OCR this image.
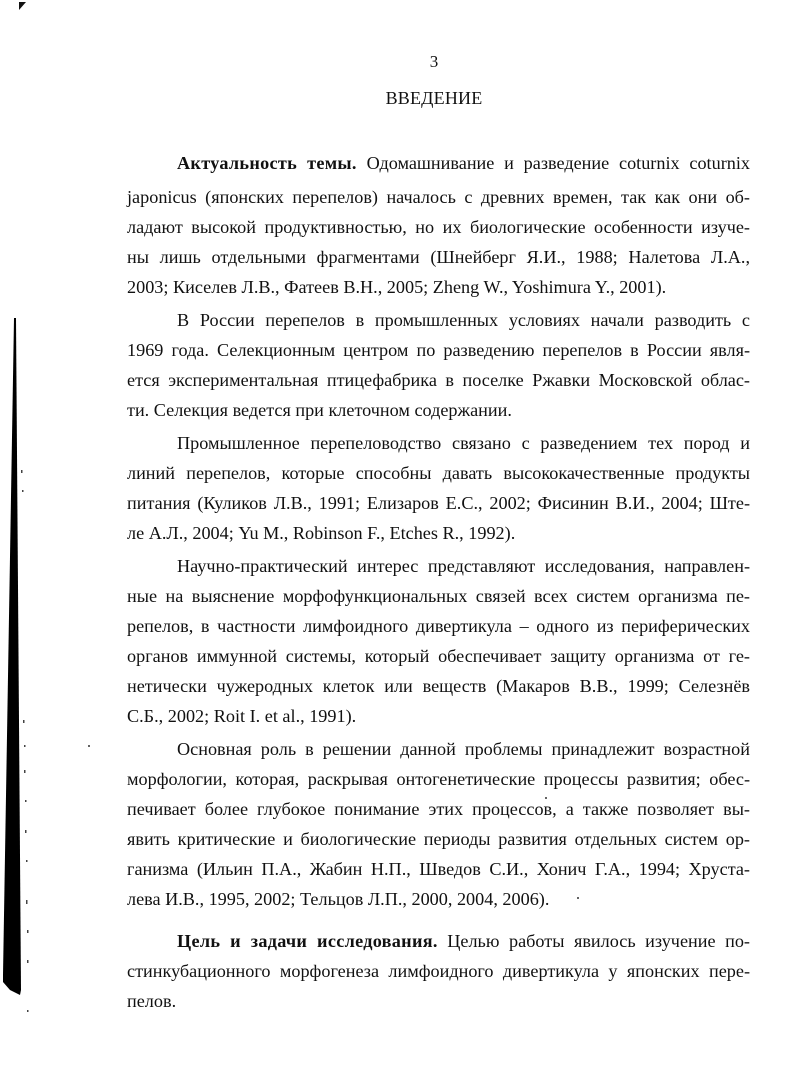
3
ВВЕДЕНИЕ
Актуальность темы. Одомашнивание и разведение coturnix coturnix
japonicus (японских перепелов) началось с древних времен, так как они об-
ладают высокой продуктивностью, но их биологические особенности изуче-
ны лишь отдельными фрагментами (Шнейберг Я.И., 1988; Налетова Л.А.,
2003; Киселев Л.В., Фатеев В.Н., 2005; Zheng W., Yoshimura Y., 2001).
В России перепелов в промышленных условиях начали разводить с
1969 года. Селекционным центром по разведению перепелов в России явля-
ется экспериментальная птицефабрика в поселке Ржавки Московской облас-
ти. Селекция ведется при клеточном содержании.
Промышленное перепеловодство связано с разведением тех пород и
линий перепелов, которые способны давать высококачественные продукты
питания (Куликов Л.В., 1991; Елизаров Е.С., 2002; Фисинин В.И., 2004; Ште-
ле А.Л., 2004; Yu M., Robinson F., Etches R., 1992).
Научно-практический интерес представляют исследования, направлен-
ные на выяснение морфофункциональных связей всех систем организма пе-
репелов, в частности лимфоидного дивертикула – одного из периферических
органов иммунной системы, который обеспечивает защиту организма от ге-
нетически чужеродных клеток или веществ (Макаров В.В., 1999; Селезнёв
С.Б., 2002; Roit I. et al., 1991).
Основная роль в решении данной проблемы принадлежит возрастной
морфологии, которая, раскрывая онтогенетические процессы развития; обес-
печивает более глубокое понимание этих процессов, а также позволяет вы-
явить критические и биологические периоды развития отдельных систем ор-
ганизма (Ильин П.А., Жабин Н.П., Шведов С.И., Хонич Г.А., 1994; Хруста-
лева И.В., 1995, 2002; Тельцов Л.П., 2000, 2004, 2006).
Цель и задачи исследования. Целью работы явилось изучение по-
стинкубационного морфогенеза лимфоидного дивертикула у японских пере-
пелов.
